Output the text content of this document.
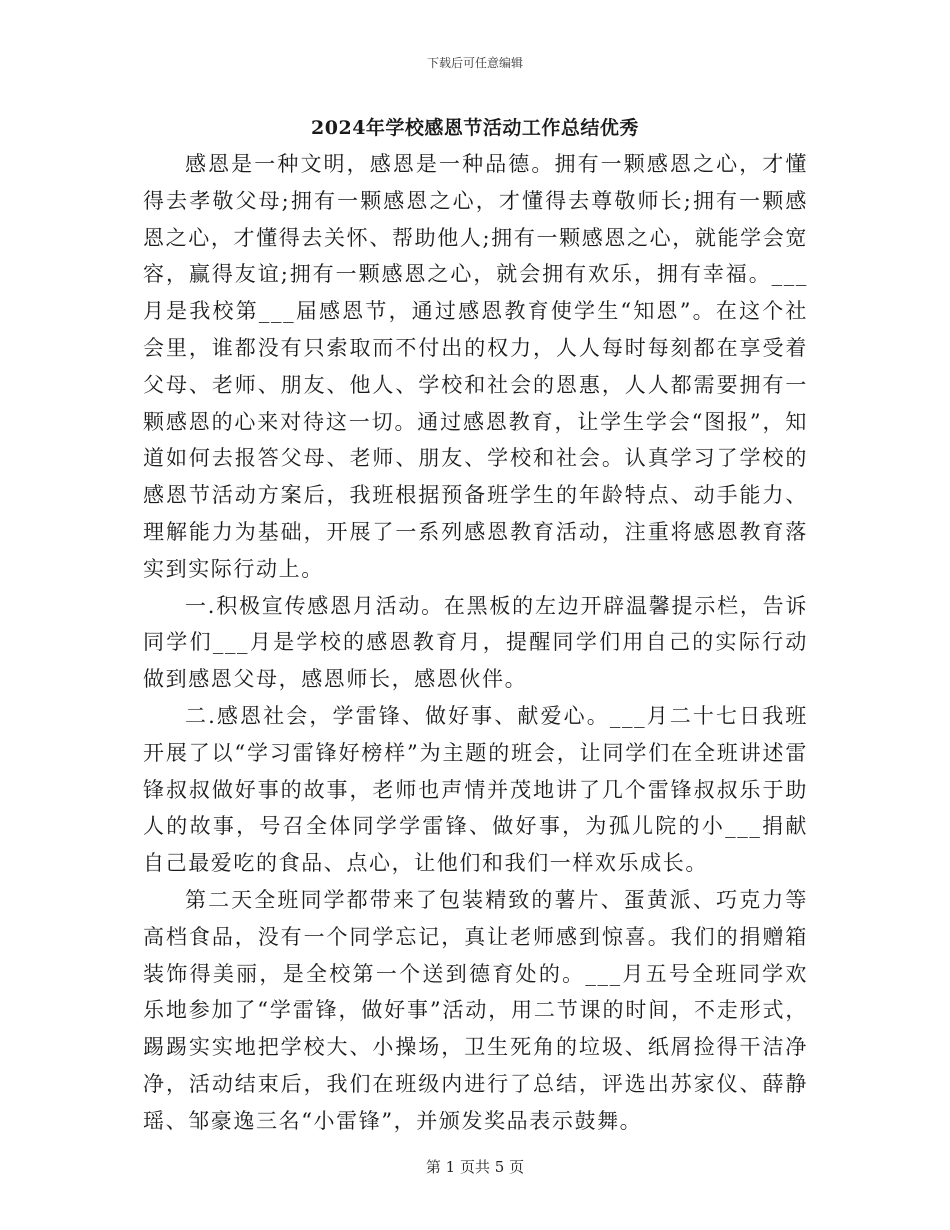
下载后可任意编辑
2024年学校感恩节活动工作总结优秀

感恩是一种文明，感恩是一种品德。拥有一颗感恩之心，才懂得去孝敬父母;拥有一颗感恩之心，才懂得去尊敬师长;拥有一颗感恩之心，才懂得去关怀、帮助他人;拥有一颗感恩之心，就能学会宽容，赢得友谊;拥有一颗感恩之心，就会拥有欢乐，拥有幸福。___月是我校第___届感恩节，通过感恩教育使学生“知恩”。在这个社会里，谁都没有只索取而不付出的权力，人人每时每刻都在享受着父母、老师、朋友、他人、学校和社会的恩惠，人人都需要拥有一颗感恩的心来对待这一切。通过感恩教育，让学生学会“图报”，知道如何去报答父母、老师、朋友、学校和社会。认真学习了学校的感恩节活动方案后，我班根据预备班学生的年龄特点、动手能力、理解能力为基础，开展了一系列感恩教育活动，注重将感恩教育落实到实际行动上。

一.积极宣传感恩月活动。在黑板的左边开辟温馨提示栏，告诉同学们___月是学校的感恩教育月，提醒同学们用自己的实际行动做到感恩父母，感恩师长，感恩伙伴。

二.感恩社会，学雷锋、做好事、献爱心。___月二十七日我班开展了以“学习雷锋好榜样”为主题的班会，让同学们在全班讲述雷锋叔叔做好事的故事，老师也声情并茂地讲了几个雷锋叔叔乐于助人的故事，号召全体同学学雷锋、做好事，为孤儿院的小___捐献自己最爱吃的食品、点心，让他们和我们一样欢乐成长。

第二天全班同学都带来了包装精致的薯片、蛋黄派、巧克力等高档食品，没有一个同学忘记，真让老师感到惊喜。我们的捐赠箱装饰得美丽，是全校第一个送到德育处的。___月五号全班同学欢乐地参加了“学雷锋，做好事”活动，用二节课的时间，不走形式，踢踢实实地把学校大、小操场，卫生死角的垃圾、纸屑捡得干洁净净，活动结束后，我们在班级内进行了总结，评选出苏家仪、薛静瑶、邹豪逸三名“小雷锋”，并颁发奖品表示鼓舞。

第 1 页共 5 页
